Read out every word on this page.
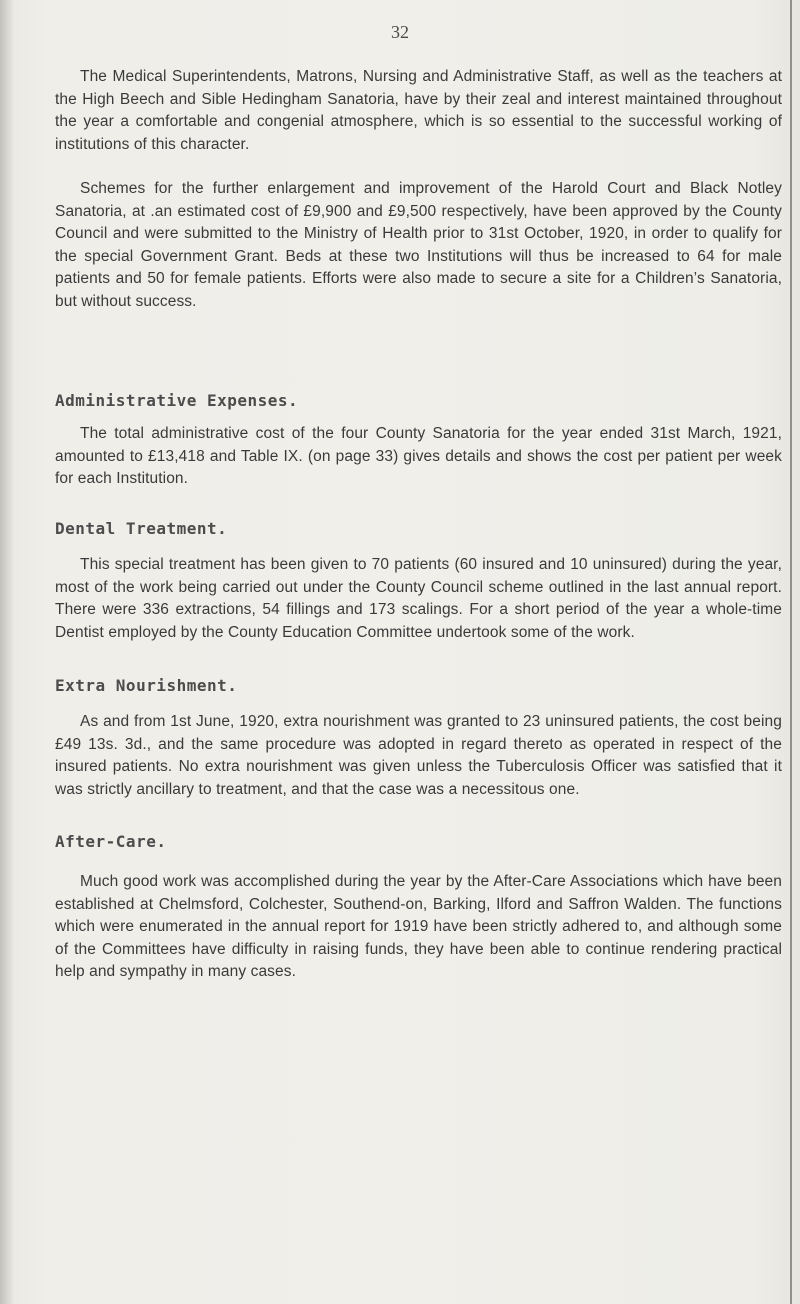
32

The Medical Superintendents, Matrons, Nursing and Administrative Staff, as well as the teachers at the High Beech and Sible Hedingham Sanatoria, have by their zeal and interest maintained throughout the year a comfortable and congenial atmosphere, which is so essential to the successful working of institutions of this character.

Schemes for the further enlargement and improvement of the Harold Court and Black Notley Sanatoria, at .an estimated cost of £9,900 and £9,500 respectively, have been approved by the County Council and were submitted to the Ministry of Health prior to 31st October, 1920, in order to qualify for the special Government Grant. Beds at these two Institutions will thus be increased to 64 for male patients and 50 for female patients. Efforts were also made to secure a site for a Children’s Sanatoria, but without success.

Administrative Expenses.

The total administrative cost of the four County Sanatoria for the year ended 31st March, 1921, amounted to £13,418 and Table IX. (on page 33) gives details and shows the cost per patient per week for each Institution.

Dental Treatment.

This special treatment has been given to 70 patients (60 insured and 10 uninsured) during the year, most of the work being carried out under the County Council scheme outlined in the last annual report. There were 336 extractions, 54 fillings and 173 scalings. For a short period of the year a whole-time Dentist employed by the County Education Committee undertook some of the work.

Extra Nourishment.

As and from 1st June, 1920, extra nourishment was granted to 23 uninsured patients, the cost being £49 13s. 3d., and the same procedure was adopted in regard thereto as operated in respect of the insured patients. No extra nourishment was given unless the Tuberculosis Officer was satisfied that it was strictly ancillary to treatment, and that the case was a necessitous one.

After-Care.

Much good work was accomplished during the year by the After-Care Associations which have been established at Chelmsford, Colchester, Southend-on, Barking, Ilford and Saffron Walden. The functions which were enumerated in the annual report for 1919 have been strictly adhered to, and although some of the Committees have difficulty in raising funds, they have been able to continue rendering practical help and sympathy in many cases.
